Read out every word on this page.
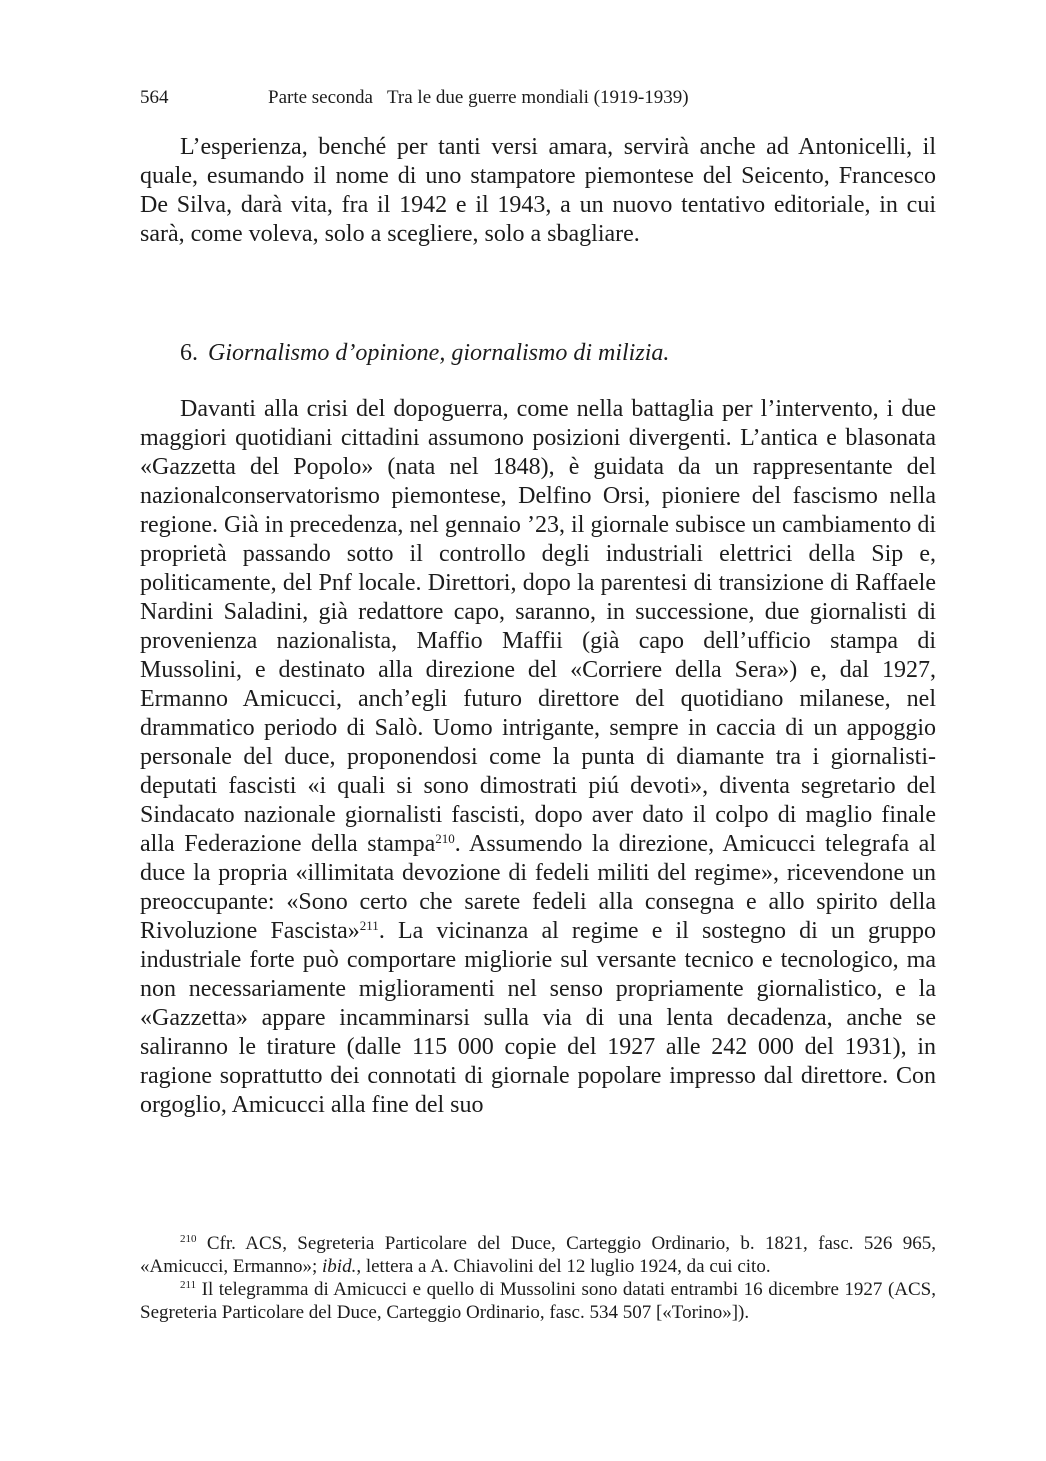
564	Parte seconda Tra le due guerre mondiali (1919-1939)

L’esperienza, benché per tanti versi amara, servirà anche ad Antonicelli, il quale, esumando il nome di uno stampatore piemontese del Seicento, Francesco De Silva, darà vita, fra il 1942 e il 1943, a un nuovo tentativo editoriale, in cui sarà, come voleva, solo a scegliere, solo a sbagliare.

6. Giornalismo d’opinione, giornalismo di milizia.

Davanti alla crisi del dopoguerra, come nella battaglia per l’intervento, i due maggiori quotidiani cittadini assumono posizioni divergenti. L’antica e blasonata «Gazzetta del Popolo» (nata nel 1848), è guidata da un rappresentante del nazionalconservatorismo piemontese, Delfino Orsi, pioniere del fascismo nella regione. Già in precedenza, nel gennaio ’23, il giornale subisce un cambiamento di proprietà passando sotto il controllo degli industriali elettrici della Sip e, politicamente, del Pnf locale. Direttori, dopo la parentesi di transizione di Raffaele Nardini Saladini, già redattore capo, saranno, in successione, due giornalisti di provenienza nazionalista, Maffio Maffii (già capo dell’ufficio stampa di Mussolini, e destinato alla direzione del «Corriere della Sera») e, dal 1927, Ermanno Amicucci, anch’egli futuro direttore del quotidiano milanese, nel drammatico periodo di Salò. Uomo intrigante, sempre in caccia di un appoggio personale del duce, proponendosi come la punta di diamante tra i giornalisti-deputati fascisti «i quali si sono dimostrati piú devoti», diventa segretario del Sindacato nazionale giornalisti fascisti, dopo aver dato il colpo di maglio finale alla Federazione della stampa$^{210}$. Assumendo la direzione, Amicucci telegrafa al duce la propria «illimitata devozione di fedeli militi del regime», ricevendone un preoccupante: «Sono certo che sarete fedeli alla consegna e allo spirito della Rivoluzione Fascista»$^{211}$. La vicinanza al regime e il sostegno di un gruppo industriale forte può comportare migliorie sul versante tecnico e tecnologico, ma non necessariamente miglioramenti nel senso propriamente giornalistico, e la «Gazzetta» appare incamminarsi sulla via di una lenta decadenza, anche se saliranno le tirature (dalle 115 000 copie del 1927 alle 242 000 del 1931), in ragione soprattutto dei connotati di giornale popolare impresso dal direttore. Con orgoglio, Amicucci alla fine del suo

$^{210}$ Cfr. ACS, Segreteria Particolare del Duce, Carteggio Ordinario, b. 1821, fasc. 526 965, «Amicucci, Ermanno»; ibid., lettera a A. Chiavolini del 12 luglio 1924, da cui cito.

$^{211}$ Il telegramma di Amicucci e quello di Mussolini sono datati entrambi 16 dicembre 1927 (ACS, Segreteria Particolare del Duce, Carteggio Ordinario, fasc. 534 507 [«Torino»]).
